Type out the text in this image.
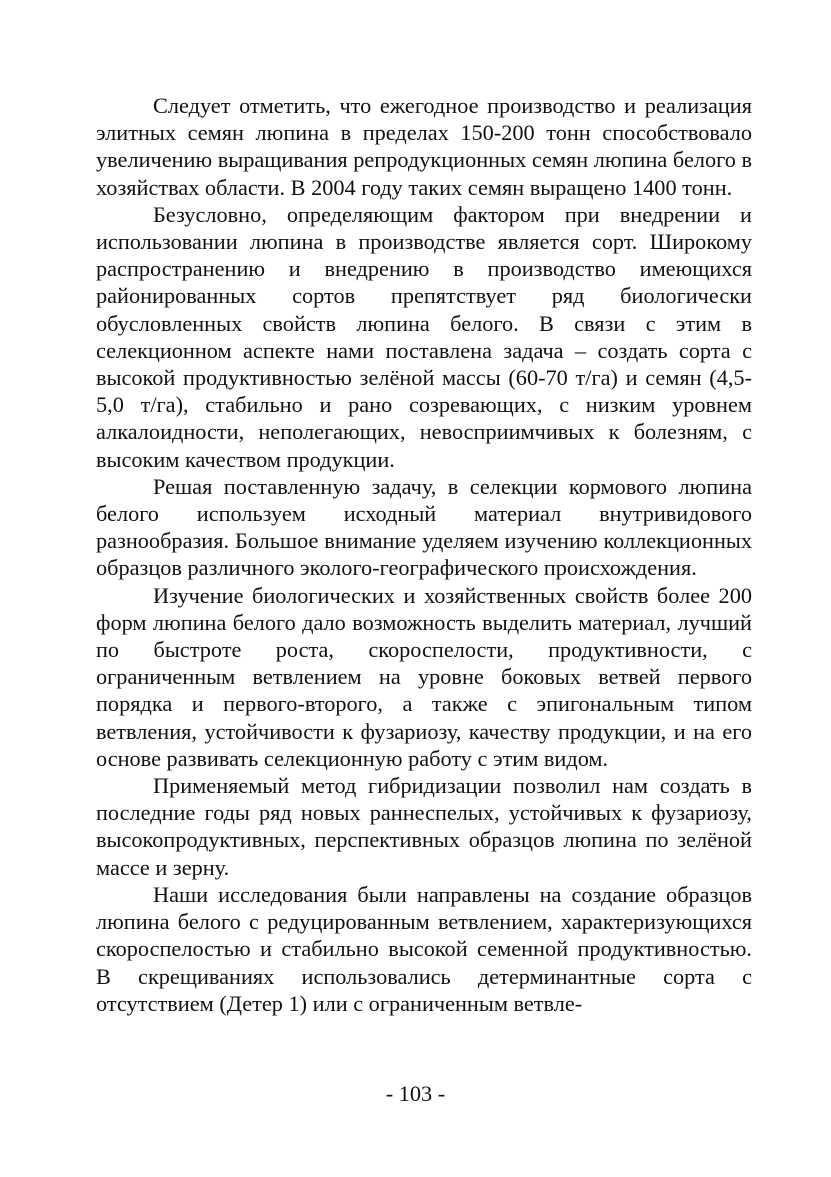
Следует отметить, что ежегодное производство и реализация элитных семян люпина в пределах 150-200 тонн способствовало увеличению выращивания репродукционных семян люпина белого в хозяйствах области. В 2004 году таких семян выращено 1400 тонн.

Безусловно, определяющим фактором при внедрении и использовании люпина в производстве является сорт. Широкому распространению и внедрению в производство имеющихся районированных сортов препятствует ряд биологически обусловленных свойств люпина белого. В связи с этим в селекционном аспекте нами поставлена задача – создать сорта с высокой продуктивностью зелёной массы (60-70 т/га) и семян (4,5-5,0 т/га), стабильно и рано созревающих, с низким уровнем алкалоидности, неполегающих, невосприимчивых к болезням, с высоким качеством продукции.

Решая поставленную задачу, в селекции кормового люпина белого используем исходный материал внутривидового разнообразия. Большое внимание уделяем изучению коллекционных образцов различного эколого-географического происхождения.

Изучение биологических и хозяйственных свойств более 200 форм люпина белого дало возможность выделить материал, лучший по быстроте роста, скороспелости, продуктивности, с ограниченным ветвлением на уровне боковых ветвей первого порядка и первого-второго, а также с эпигональным типом ветвления, устойчивости к фузариозу, качеству продукции, и на его основе развивать селекционную работу с этим видом.

Применяемый метод гибридизации позволил нам создать в последние годы ряд новых раннеспелых, устойчивых к фузариозу, высокопродуктивных, перспективных образцов люпина по зелёной массе и зерну.

Наши исследования были направлены на создание образцов люпина белого с редуцированным ветвлением, характеризующихся скороспелостью и стабильно высокой семенной продуктивностью. В скрещиваниях использовались детерминантные сорта с отсутствием (Детер 1) или с ограниченным ветвле-

- 103 -
